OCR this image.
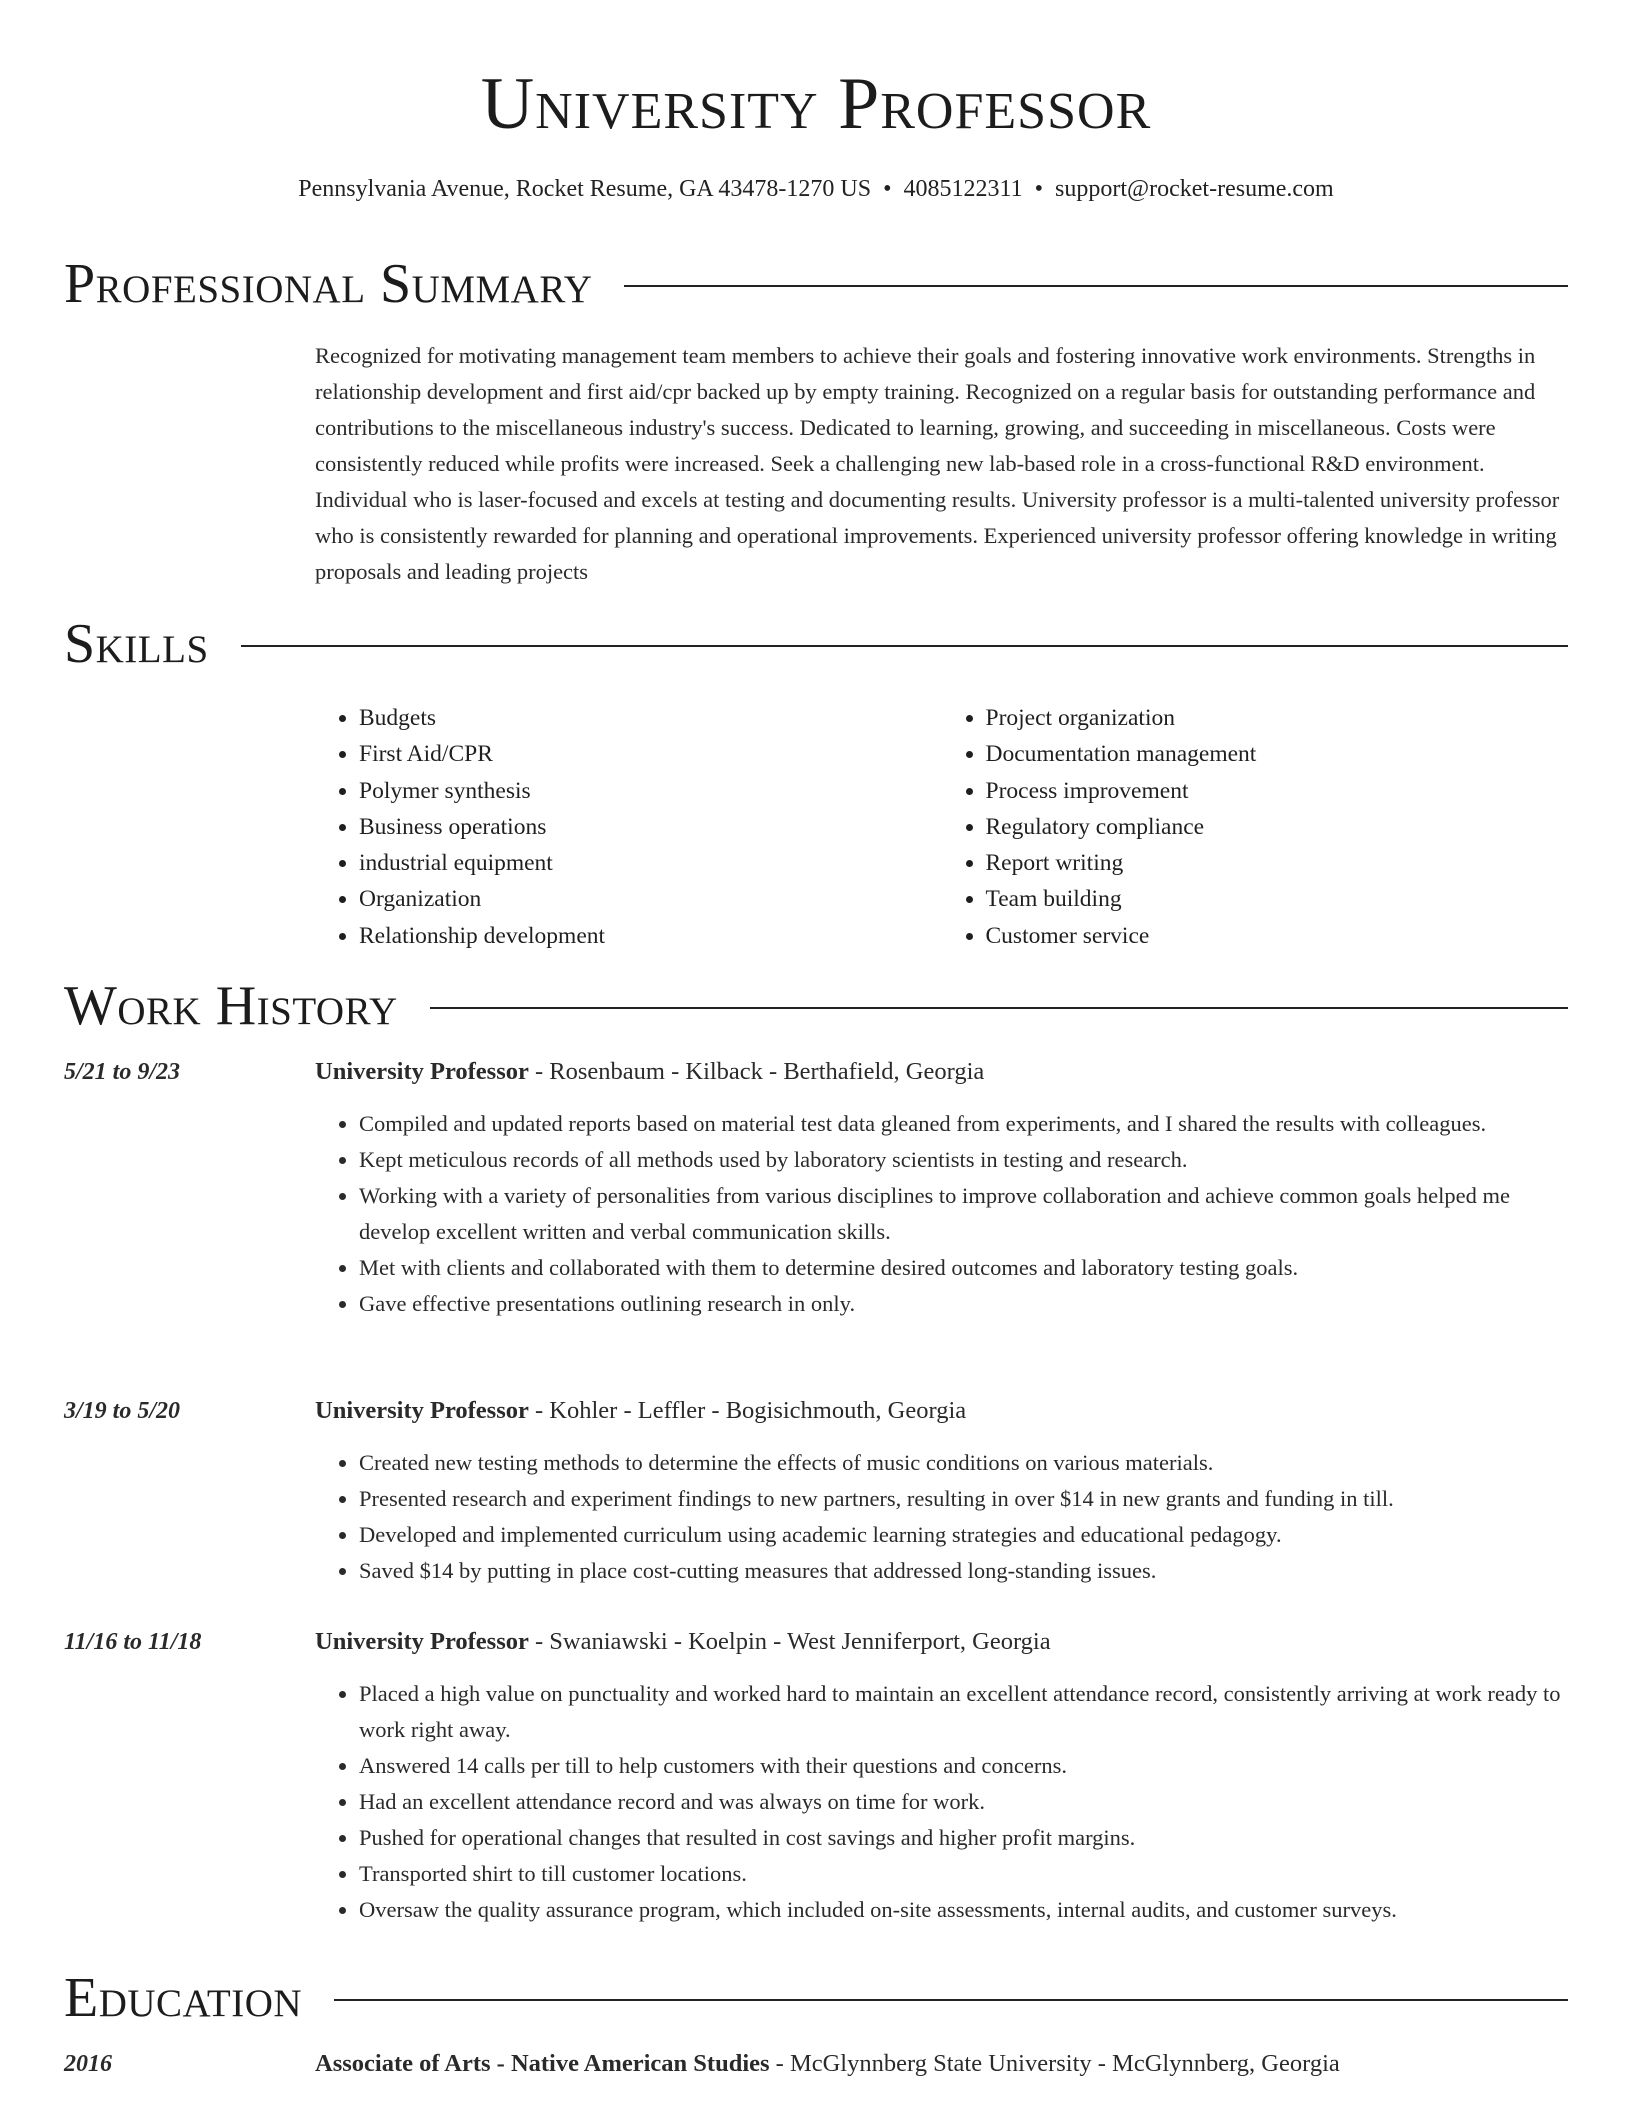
University Professor
Pennsylvania Avenue, Rocket Resume, GA 43478-1270 US • 4085122311 • support@rocket-resume.com
Professional Summary

Recognized for motivating management team members to achieve their goals and fostering innovative work environments. Strengths in relationship development and first aid/cpr backed up by empty training. Recognized on a regular basis for outstanding performance and contributions to the miscellaneous industry's success. Dedicated to learning, growing, and succeeding in miscellaneous. Costs were consistently reduced while profits were increased. Seek a challenging new lab-based role in a cross-functional R&D environment. Individual who is laser-focused and excels at testing and documenting results. University professor is a multi-talented university professor who is consistently rewarded for planning and operational improvements. Experienced university professor offering knowledge in writing proposals and leading projects

Skills
• Budgets
• First Aid/CPR
• Polymer synthesis
• Business operations
• industrial equipment
• Organization
• Relationship development
• Project organization
• Documentation management
• Process improvement
• Regulatory compliance
• Report writing
• Team building
• Customer service
Work History
5/21 to 9/23	University Professor - Rosenbaum - Kilback - Berthafield, Georgia
• Compiled and updated reports based on material test data gleaned from experiments, and I shared the results with colleagues.
• Kept meticulous records of all methods used by laboratory scientists in testing and research.
• Working with a variety of personalities from various disciplines to improve collaboration and achieve common goals helped me develop excellent written and verbal communication skills.
• Met with clients and collaborated with them to determine desired outcomes and laboratory testing goals.
• Gave effective presentations outlining research in only.
3/19 to 5/20	University Professor - Kohler - Leffler - Bogisichmouth, Georgia
• Created new testing methods to determine the effects of music conditions on various materials.
• Presented research and experiment findings to new partners, resulting in over $14 in new grants and funding in till.
• Developed and implemented curriculum using academic learning strategies and educational pedagogy.
• Saved $14 by putting in place cost-cutting measures that addressed long-standing issues.
11/16 to 11/18	University Professor - Swaniawski - Koelpin - West Jenniferport, Georgia
• Placed a high value on punctuality and worked hard to maintain an excellent attendance record, consistently arriving at work ready to work right away.
• Answered 14 calls per till to help customers with their questions and concerns.
• Had an excellent attendance record and was always on time for work.
• Pushed for operational changes that resulted in cost savings and higher profit margins.
• Transported shirt to till customer locations.
• Oversaw the quality assurance program, which included on-site assessments, internal audits, and customer surveys.
Education
2016	Associate of Arts - Native American Studies - McGlynnberg State University - McGlynnberg, Georgia
